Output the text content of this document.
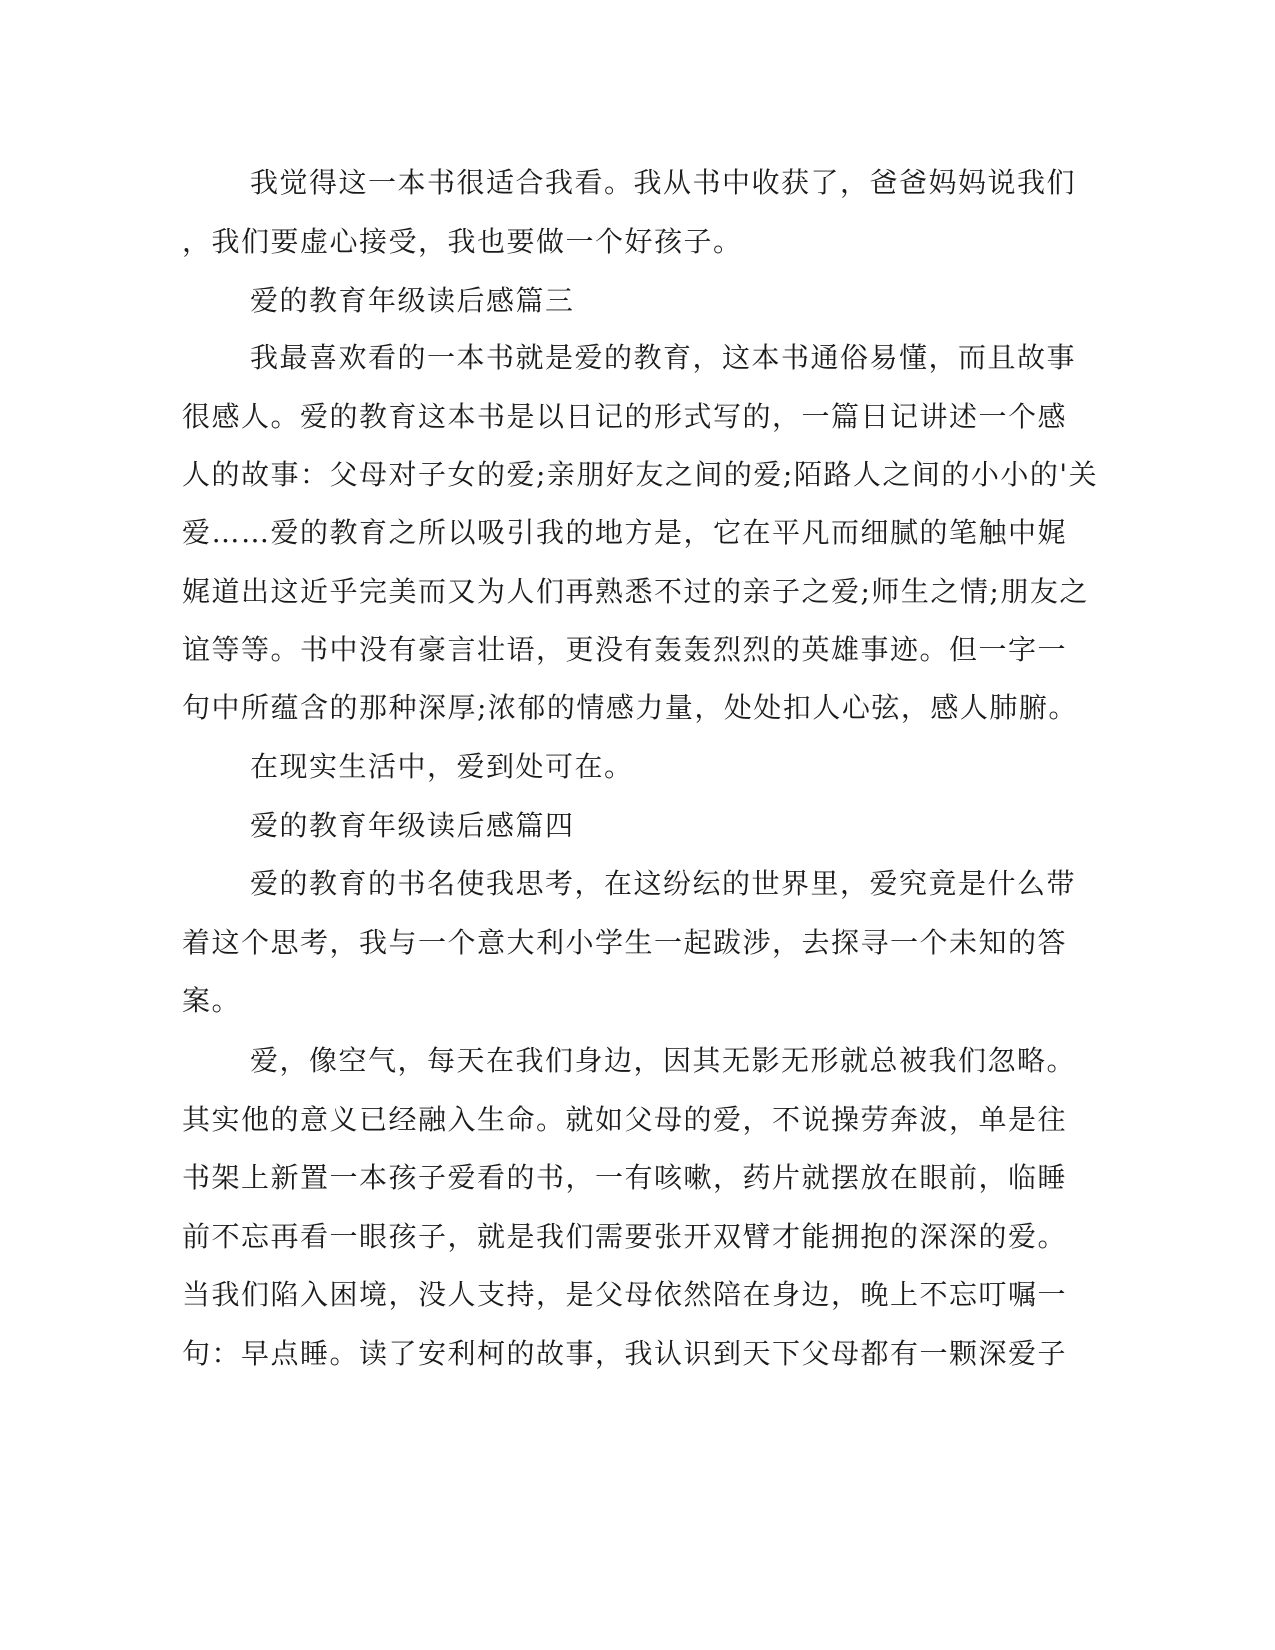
我觉得这一本书很适合我看。我从书中收获了，爸爸妈妈说我们
，我们要虚心接受，我也要做一个好孩子。
爱的教育年级读后感篇三
我最喜欢看的一本书就是爱的教育，这本书通俗易懂，而且故事
很感人。爱的教育这本书是以日记的形式写的，一篇日记讲述一个感
人的故事：父母对子女的爱;亲朋好友之间的爱;陌路人之间的小小的'关
爱……爱的教育之所以吸引我的地方是，它在平凡而细腻的笔触中娓
娓道出这近乎完美而又为人们再熟悉不过的亲子之爱;师生之情;朋友之
谊等等。书中没有豪言壮语，更没有轰轰烈烈的英雄事迹。但一字一
句中所蕴含的那种深厚;浓郁的情感力量，处处扣人心弦，感人肺腑。
在现实生活中，爱到处可在。
爱的教育年级读后感篇四
爱的教育的书名使我思考，在这纷纭的世界里，爱究竟是什么带
着这个思考，我与一个意大利小学生一起跋涉，去探寻一个未知的答
案。
爱，像空气，每天在我们身边，因其无影无形就总被我们忽略。
其实他的意义已经融入生命。就如父母的爱，不说操劳奔波，单是往
书架上新置一本孩子爱看的书，一有咳嗽，药片就摆放在眼前，临睡
前不忘再看一眼孩子，就是我们需要张开双臂才能拥抱的深深的爱。
当我们陷入困境，没人支持，是父母依然陪在身边，晚上不忘叮嘱一
句：早点睡。读了安利柯的故事，我认识到天下父母都有一颗深爱子
